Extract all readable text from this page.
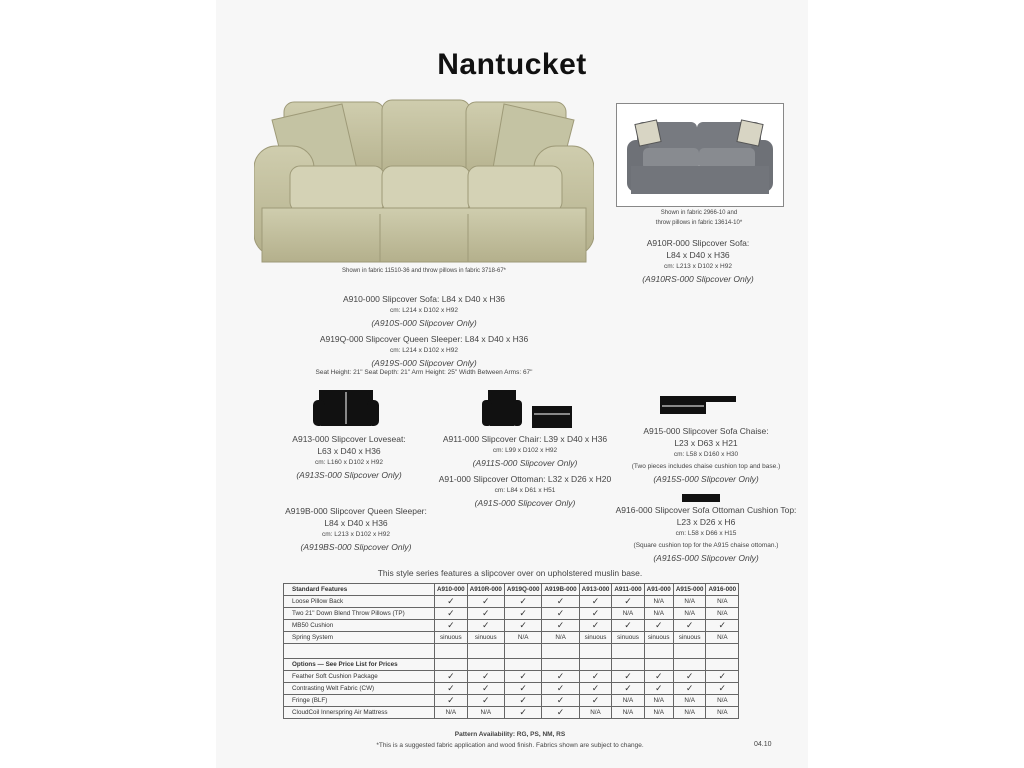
Nantucket
Shown in fabric 11510-36 and throw pillows in fabric 3718-67*
Shown in fabric 2966-10 and
throw pillows in fabric 13614-10*
A910R-000 Slipcover Sofa:
L84 x D40 x H36
cm: L213 x D102 x H92
(A910RS-000 Slipcover Only)
A910-000 Slipcover Sofa: L84 x D40 x H36
cm: L214 x D102 x H92
(A910S-000 Slipcover Only)
A919Q-000 Slipcover Queen Sleeper: L84 x D40 x H36
cm: L214 x D102 x H92
(A919S-000 Slipcover Only)
Seat Height: 21" Seat Depth: 21" Arm Height: 25" Width Between Arms: 67"
A913-000 Slipcover Loveseat:
L63 x D40 x H36
cm: L160 x D102 x H92
(A913S-000 Slipcover Only)
A911-000 Slipcover Chair: L39 x D40 x H36
cm: L99 x D102 x H92
(A911S-000 Slipcover Only)
A91-000 Slipcover Ottoman: L32 x D26 x H20
cm: L84 x D61 x H51
(A91S-000 Slipcover Only)
A915-000 Slipcover Sofa Chaise:
L23 x D63 x H21
cm: L58 x D160 x H30
(Two pieces includes chaise cushion top and base.)
(A915S-000 Slipcover Only)
A919B-000 Slipcover Queen Sleeper:
L84 x D40 x H36
cm: L213 x D102 x H92
(A919BS-000 Slipcover Only)
A916-000 Slipcover Sofa Ottoman Cushion Top:
L23 x D26 x H6
cm: L58 x D66 x H15
(Square cushion top for the A915 chaise ottoman.)
(A916S-000 Slipcover Only)
This style series features a slipcover over on upholstered muslin base.
Standard Features	A910-000	A910R-000	A919Q-000	A919B-000	A913-000	A911-000	A91-000	A915-000	A916-000
Loose Pillow Back	✓	✓	✓	✓	✓	✓	N/A	N/A	N/A
Two 21" Down Blend Throw Pillows (TP)	✓	✓	✓	✓	✓	N/A	N/A	N/A	N/A
MB50 Cushion	✓	✓	✓	✓	✓	✓	✓	✓	✓
Spring System	sinuous	sinuous	N/A	N/A	sinuous	sinuous	sinuous	sinuous	N/A

Options — See Price List for Prices									
Feather Soft Cushion Package	✓	✓	✓	✓	✓	✓	✓	✓	✓
Contrasting Welt Fabric (CW)	✓	✓	✓	✓	✓	✓	✓	✓	✓
Fringe (BLF)	✓	✓	✓	✓	✓	N/A	N/A	N/A	N/A
CloudCoil Innerspring Air Mattress	N/A	N/A	✓	✓	N/A	N/A	N/A	N/A	N/A
Pattern Availability: RG, PS, NM, RS
*This is a suggested fabric application and wood finish. Fabrics shown are subject to change.	04.10
